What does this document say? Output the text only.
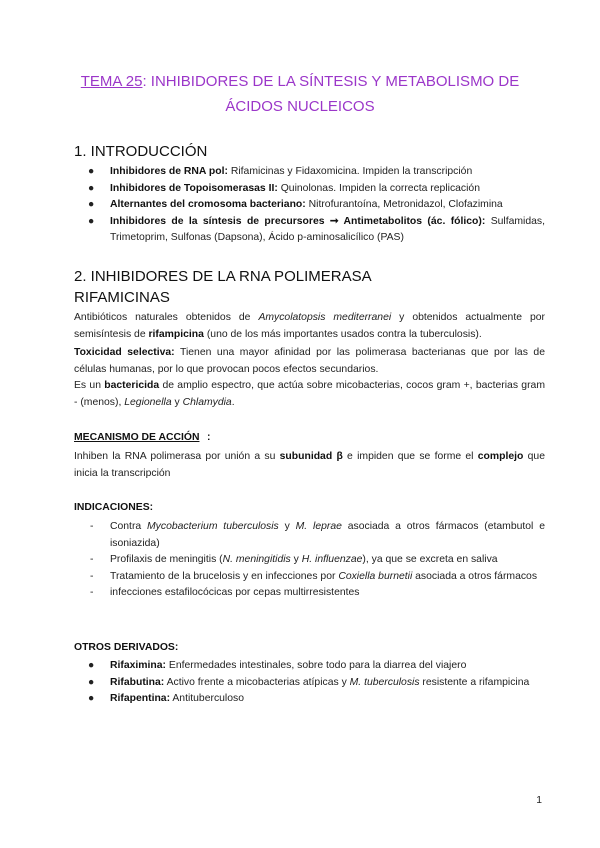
TEMA 25: INHIBIDORES DE LA SÍNTESIS Y METABOLISMO DE ÁCIDOS NUCLEICOS
1. INTRODUCCIÓN
● Inhibidores de RNA pol: Rifamicinas y Fidaxomicina. Impiden la transcripción
● Inhibidores de Topoisomerasas II: Quinolonas. Impiden la correcta replicación
● Alternantes del cromosoma bacteriano: Nitrofurantoína, Metronidazol, Clofazimina
● Inhibidores de la síntesis de precursores ➞ Antimetabolitos (ác. fólico): Sulfamidas, Trimetoprim, Sulfonas (Dapsona), Ácido p-aminosalicílico (PAS)
2. INHIBIDORES DE LA RNA POLIMERASA
RIFAMICINAS
Antibióticos naturales obtenidos de Amycolatopsis mediterranei y obtenidos actualmente por semisíntesis de rifampicina (uno de los más importantes usados contra la tuberculosis).
Toxicidad selectiva: Tienen una mayor afinidad por las polimerasa bacterianas que por las de células humanas, por lo que provocan pocos efectos secundarios.
Es un bactericida de amplio espectro, que actúa sobre micobacterias, cocos gram +, bacterias gram - (menos), Legionella y Chlamydia.
MECANISMO DE ACCIÓN :
Inhiben la RNA polimerasa por unión a su subunidad β e impiden que se forme el complejo que inicia la transcripción
INDICACIONES:
- Contra Mycobacterium tuberculosis y M. leprae asociada a otros fármacos (etambutol e isoniazida)
- Profilaxis de meningitis (N. meningitidis y H. influenzae), ya que se excreta en saliva
- Tratamiento de la brucelosis y en infecciones por Coxiella burnetii asociada a otros fármacos
- infecciones estafilocócicas por cepas multirresistentes
OTROS DERIVADOS:
● Rifaximina: Enfermedades intestinales, sobre todo para la diarrea del viajero
● Rifabutina: Activo frente a micobacterias atípicas y M. tuberculosis resistente a rifampicina
● Rifapentina: Antituberculoso
1
